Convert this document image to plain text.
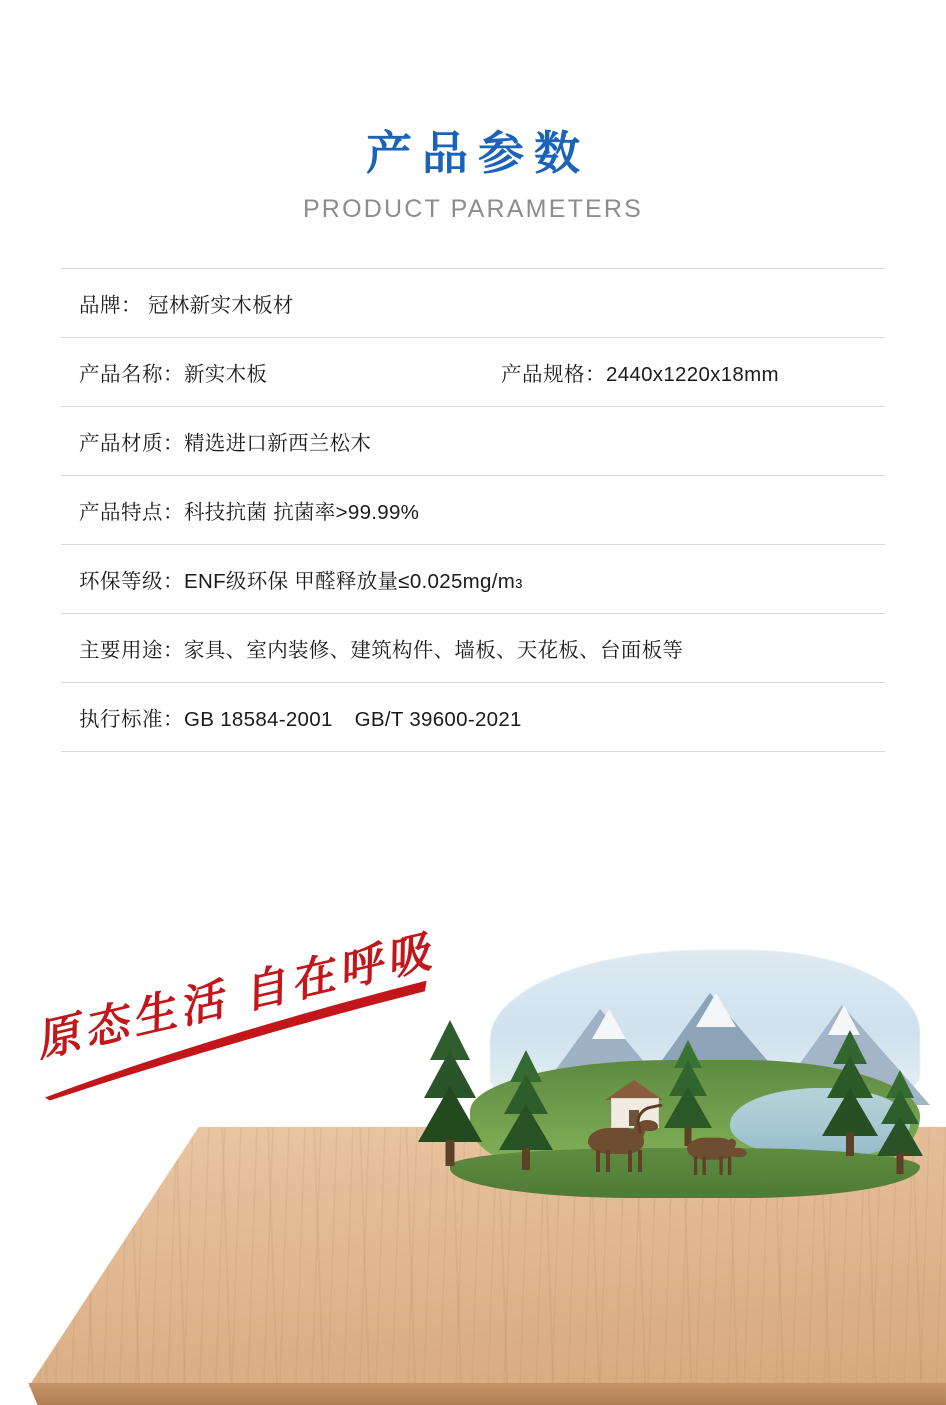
产品参数
PRODUCT PARAMETERS
品牌： 冠林新实木板材
产品名称： 新实木板	产品规格： 2440x1220x18mm
产品材质： 精选进口新西兰松木
产品特点： 科技抗菌 抗菌率>99.99%
环保等级： ENF级环保 甲醛释放量≤0.025mg/m 3
主要用途： 家具、室内装修、建筑构件、墙板、天花板、台面板等
执行标准： GB 18584-2001 GB/T 39600-2021
原态生活 自在呼吸
